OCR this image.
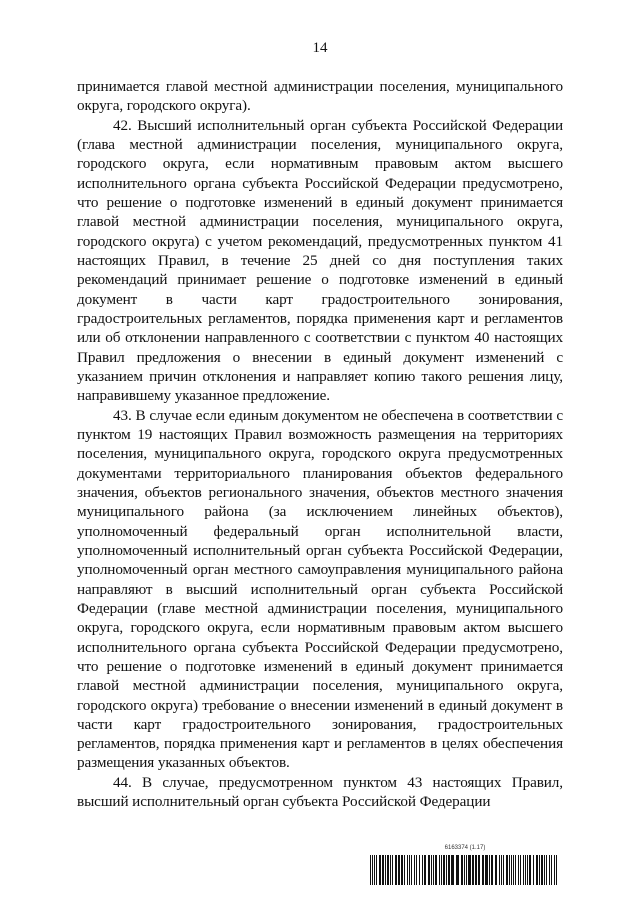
14

принимается главой местной администрации поселения, муниципального округа, городского округа).

42. Высший исполнительный орган субъекта Российской Федерации (глава местной администрации поселения, муниципального округа, городского округа, если нормативным правовым актом высшего исполнительного органа субъекта Российской Федерации предусмотрено, что решение о подготовке изменений в единый документ принимается главой местной администрации поселения, муниципального округа, городского округа) с учетом рекомендаций, предусмотренных пунктом 41 настоящих Правил, в течение 25 дней со дня поступления таких рекомендаций принимает решение о подготовке изменений в единый документ в части карт градостроительного зонирования, градостроительных регламентов, порядка применения карт и регламентов или об отклонении направленного с соответствии с пунктом 40 настоящих Правил предложения о внесении в единый документ изменений с указанием причин отклонения и направляет копию такого решения лицу, направившему указанное предложение.

43. В случае если единым документом не обеспечена в соответствии с пунктом 19 настоящих Правил возможность размещения на территориях поселения, муниципального округа, городского округа предусмотренных документами территориального планирования объектов федерального значения, объектов регионального значения, объектов местного значения муниципального района (за исключением линейных объектов), уполномоченный федеральный орган исполнительной власти, уполномоченный исполнительный орган субъекта Российской Федерации, уполномоченный орган местного самоуправления муниципального района направляют в высший исполнительный орган субъекта Российской Федерации (главе местной администрации поселения, муниципального округа, городского округа, если нормативным правовым актом высшего исполнительного органа субъекта Российской Федерации предусмотрено, что решение о подготовке изменений в единый документ принимается главой местной администрации поселения, муниципального округа, городского округа) требование о внесении изменений в единый документ в части карт градостроительного зонирования, градостроительных регламентов, порядка применения карт и регламентов в целях обеспечения размещения указанных объектов.

44. В случае, предусмотренном пунктом 43 настоящих Правил, высший исполнительный орган субъекта Российской Федерации

6163374 (1.17)
